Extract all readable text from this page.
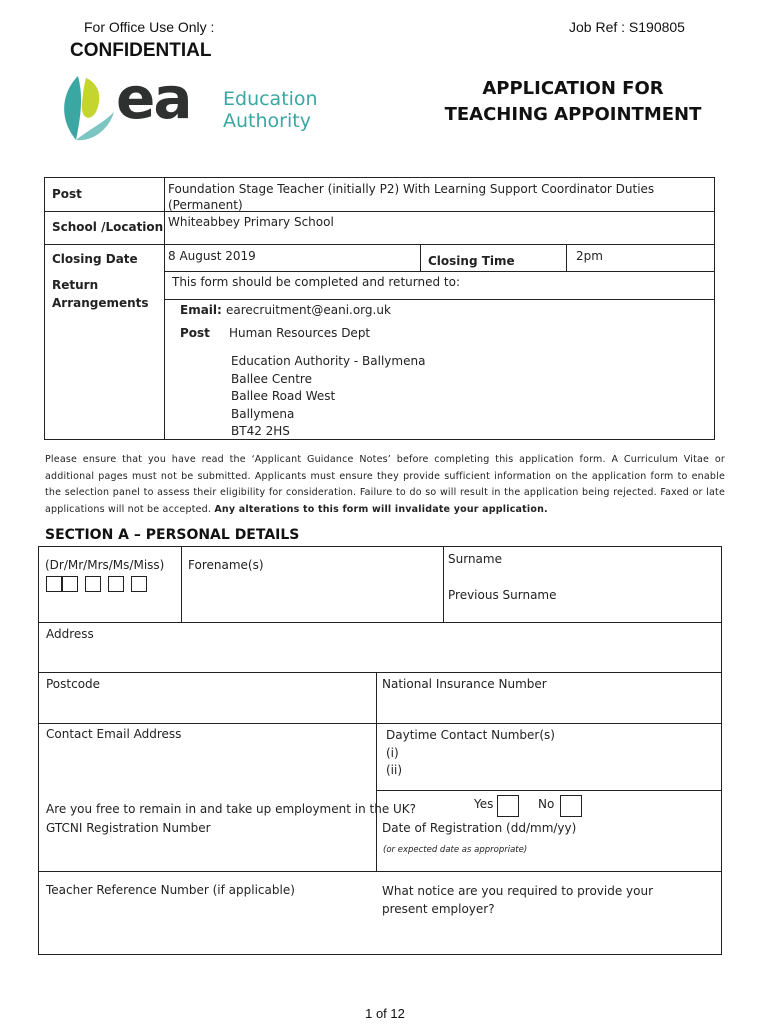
For Office Use Only :	Job Ref : S190805
CONFIDENTIAL
ea Education
Authority
APPLICATION FOR
TEACHING APPOINTMENT
Post	Foundation Stage Teacher (initially P2) With Learning Support Coordinator Duties (Permanent)
School /Location Whiteabbey Primary School
Closing Date	8 August 2019	Closing Time	2pm
Return
Arrangements
This form should be completed and returned to:
Email: earecruitment@eani.org.uk
Post Human Resources Dept
Education Authority - Ballymena
Ballee Centre
Ballee Road West
Ballymena
BT42 2HS
Please ensure that you have read the ‘Applicant Guidance Notes’ before completing this application form. A Curriculum Vitae or additional pages must not be submitted. Applicants must ensure they provide sufficient information on the application form to enable the selection panel to assess their eligibility for consideration. Failure to do so will result in the application being rejected. Faxed or late applications will not be accepted. Any alterations to this form will invalidate your application.
SECTION A – PERSONAL DETAILS
(Dr/Mr/Mrs/Ms/Miss) Forename(s)	Surname
Previous Surname
Address
Postcode	National Insurance Number
Contact Email Address	Daytime Contact Number(s)
(i)
(ii)
Are you free to remain in and take up employment in the UK?	Yes	No
GTCNI Registration Number	Date of Registration (dd/mm/yy)
(or expected date as appropriate)
Teacher Reference Number (if applicable)	What notice are you required to provide your present employer?
1 of 12
